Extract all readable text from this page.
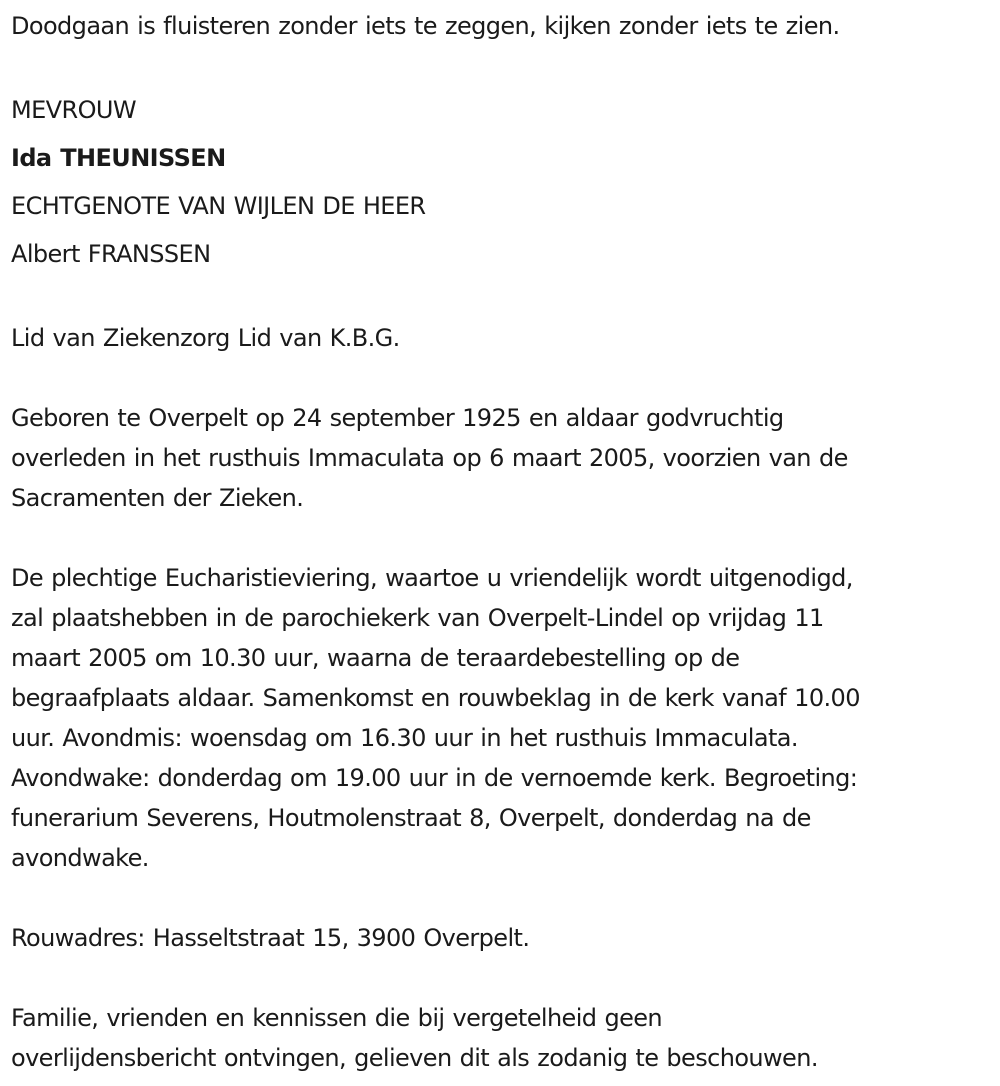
Doodgaan is fluisteren zonder iets te zeggen, kijken zonder iets te zien.

MEVROUW
Ida THEUNISSEN
ECHTGENOTE VAN WIJLEN DE HEER
Albert FRANSSEN

Lid van Ziekenzorg Lid van K.B.G.

Geboren te Overpelt op 24 september 1925 en aldaar godvruchtig
overleden in het rusthuis Immaculata op 6 maart 2005, voorzien van de
Sacramenten der Zieken.

De plechtige Eucharistieviering, waartoe u vriendelijk wordt uitgenodigd,
zal plaatshebben in de parochiekerk van Overpelt-Lindel op vrijdag 11
maart 2005 om 10.30 uur, waarna de teraardebestelling op de
begraafplaats aldaar. Samenkomst en rouwbeklag in de kerk vanaf 10.00
uur. Avondmis: woensdag om 16.30 uur in het rusthuis Immaculata.
Avondwake: donderdag om 19.00 uur in de vernoemde kerk. Begroeting:
funerarium Severens, Houtmolenstraat 8, Overpelt, donderdag na de
avondwake.

Rouwadres: Hasseltstraat 15, 3900 Overpelt.

Familie, vrienden en kennissen die bij vergetelheid geen
overlijdensbericht ontvingen, gelieven dit als zodanig te beschouwen.
